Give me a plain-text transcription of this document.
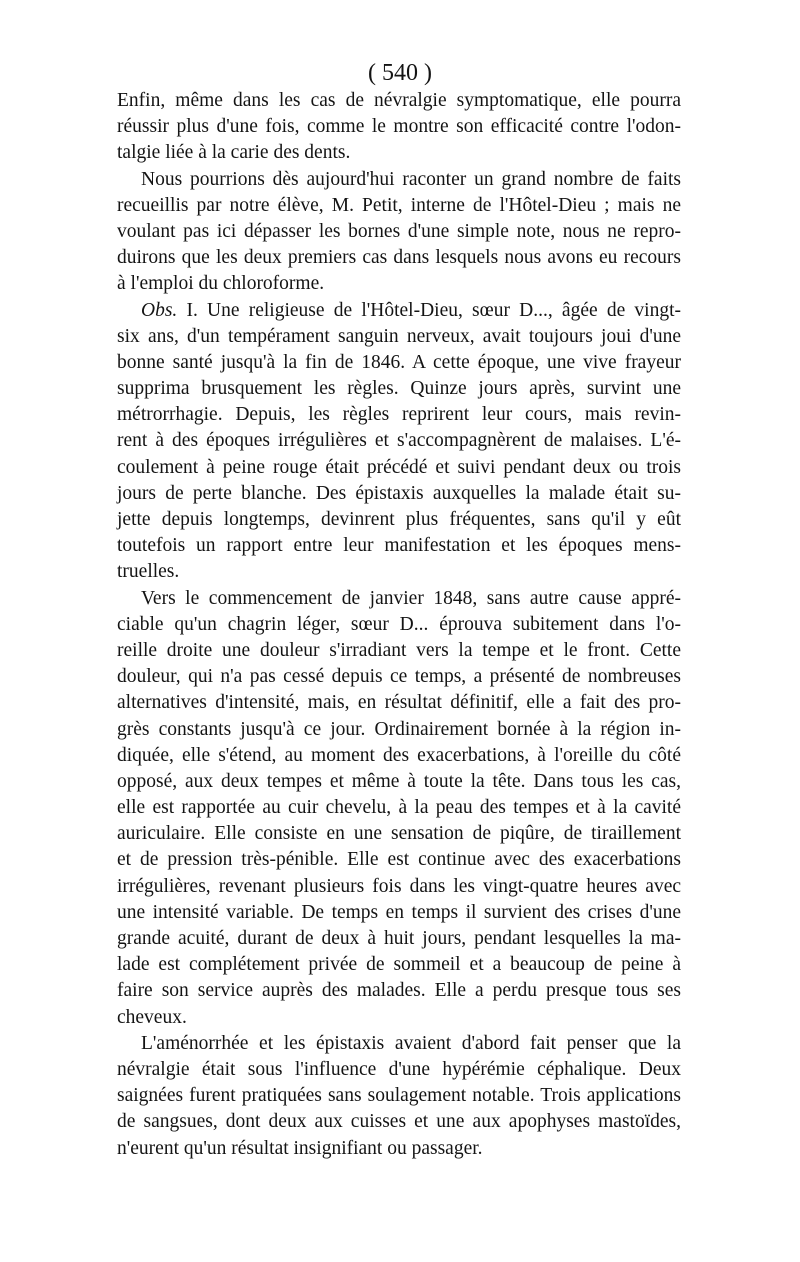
( 540 )
Enfin, même dans les cas de névralgie symptomatique, elle pourra
réussir plus d'une fois, comme le montre son efficacité contre l'odon-
talgie liée à la carie des dents.
Nous pourrions dès aujourd'hui raconter un grand nombre de faits
recueillis par notre élève, M. Petit, interne de l'Hôtel-Dieu ; mais ne
voulant pas ici dépasser les bornes d'une simple note, nous ne repro-
duirons que les deux premiers cas dans lesquels nous avons eu recours
à l'emploi du chloroforme.
Obs. I. Une religieuse de l'Hôtel-Dieu, sœur D..., âgée de vingt-
six ans, d'un tempérament sanguin nerveux, avait toujours joui d'une
bonne santé jusqu'à la fin de 1846. A cette époque, une vive frayeur
supprima brusquement les règles. Quinze jours après, survint une
métrorrhagie. Depuis, les règles reprirent leur cours, mais revin-
rent à des époques irrégulières et s'accompagnèrent de malaises. L'é-
coulement à peine rouge était précédé et suivi pendant deux ou trois
jours de perte blanche. Des épistaxis auxquelles la malade était su-
jette depuis longtemps, devinrent plus fréquentes, sans qu'il y eût
toutefois un rapport entre leur manifestation et les époques mens-
truelles.
Vers le commencement de janvier 1848, sans autre cause appré-
ciable qu'un chagrin léger, sœur D... éprouva subitement dans l'o-
reille droite une douleur s'irradiant vers la tempe et le front. Cette
douleur, qui n'a pas cessé depuis ce temps, a présenté de nombreuses
alternatives d'intensité, mais, en résultat définitif, elle a fait des pro-
grès constants jusqu'à ce jour. Ordinairement bornée à la région in-
diquée, elle s'étend, au moment des exacerbations, à l'oreille du côté
opposé, aux deux tempes et même à toute la tête. Dans tous les cas,
elle est rapportée au cuir chevelu, à la peau des tempes et à la cavité
auriculaire. Elle consiste en une sensation de piqûre, de tiraillement
et de pression très-pénible. Elle est continue avec des exacerbations
irrégulières, revenant plusieurs fois dans les vingt-quatre heures avec
une intensité variable. De temps en temps il survient des crises d'une
grande acuité, durant de deux à huit jours, pendant lesquelles la ma-
lade est complétement privée de sommeil et a beaucoup de peine à
faire son service auprès des malades. Elle a perdu presque tous ses
cheveux.
L'aménorrhée et les épistaxis avaient d'abord fait penser que la
névralgie était sous l'influence d'une hypérémie céphalique. Deux
saignées furent pratiquées sans soulagement notable. Trois applications
de sangsues, dont deux aux cuisses et une aux apophyses mastoïdes,
n'eurent qu'un résultat insignifiant ou passager.
